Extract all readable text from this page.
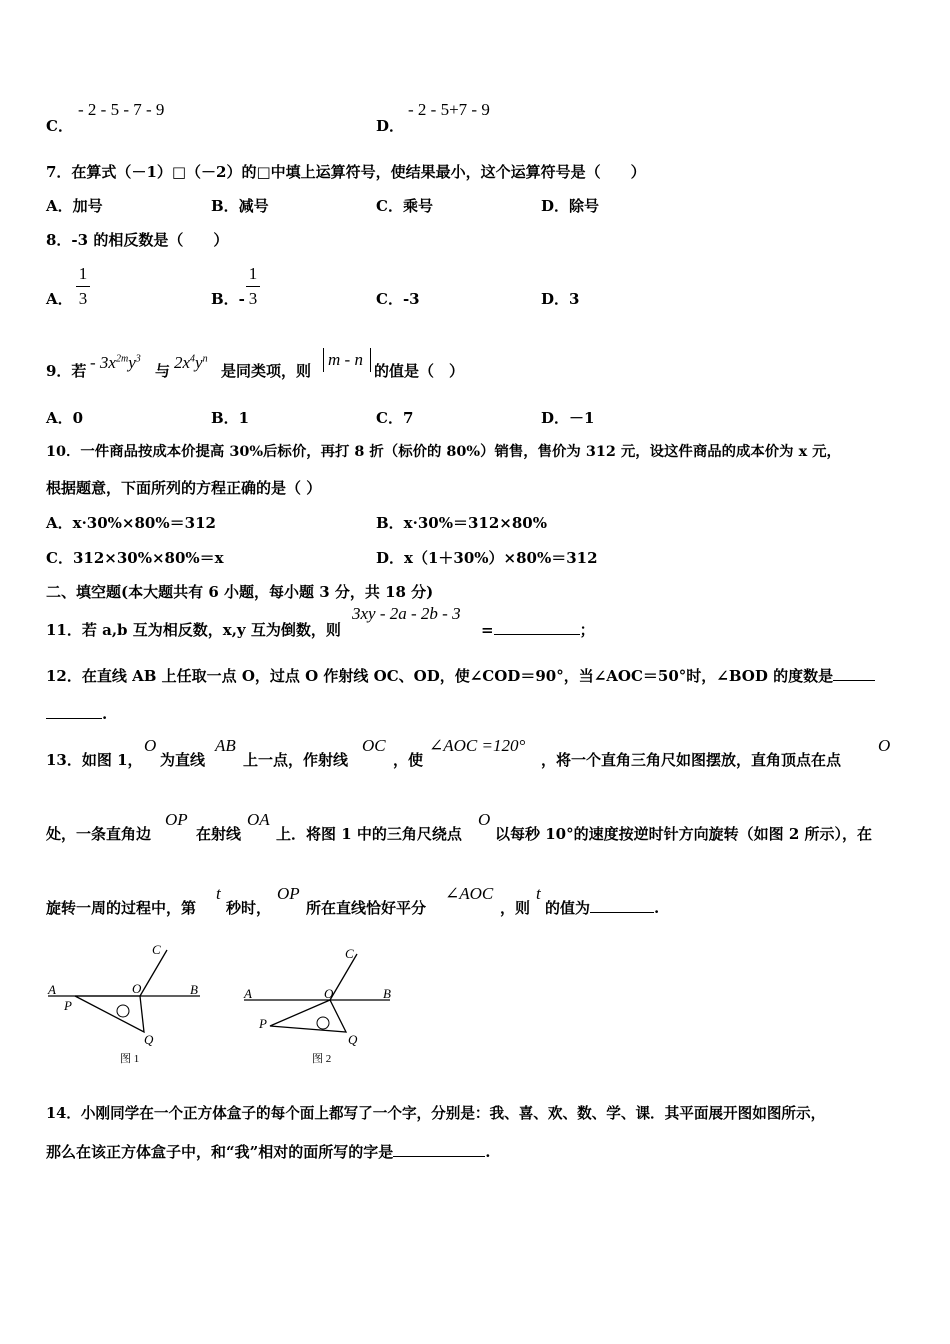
C．
- 2 - 5 - 7 - 9
D．
- 2 - 5+7 - 9
7．在算式（－1）□（－2）的□中填上运算符号，使结果最小，这个运算符号是（　　）
A．加号	B．减号	C．乘号	D．除号
8．-3 的相反数是（　　）
A．
1
3	B．-
1
3	C．-3	D．3
9．若 - $3x^{2m}y^3$
与 $2x^4y^n$
是同类项，则
m - n
的值是（　）
A．0	B．1	C．7	D．－1
10．一件商品按成本价提高 30%后标价，再打 8 折（标价的 80%）销售，售价为 312 元，设这件商品的成本价为 x 元，
根据题意，下面所列的方程正确的是（ ）
A．x·30%×80%＝312	B．x·30%＝312×80%
C．312×30%×80%＝x	D．x（1＋30%）×80%＝312
二、填空题(本大题共有 6 小题，每小题 3 分，共 18 分)
11．若 a,b 互为相反数，x,y 互为倒数，则
3xy - 2a - 2b - 3
=	；
12．在直线 AB 上任取一点 O，过点 O 作射线 OC、OD，使∠COD＝90°，当∠AOC＝50°时，∠BOD 的度数是
.
13．如图 1，
O
为直线
AB
上一点，作射线
OC
，使
∠AOC =120°
，将一个直角三角尺如图摆放，直角顶点在点
O
处，一条直角边
OP
在射线
OA
上．将图 1 中的三角尺绕点
O
以每秒 10°的速度按逆时针方向旋转（如图 2 所示），在
旋转一周的过程中，第
t
秒时，
OP
所在直线恰好平分
∠AOC
，则
t
的值为	.
A	B
C
O
P
Q
图 1
A	B
C
O
P
Q
图 2
14．小刚同学在一个正方体盒子的每个面上都写了一个字，分别是：我、喜、欢、数、学、课．其平面展开图如图所示，
那么在该正方体盒子中，和“我”相对的面所写的字是	.
